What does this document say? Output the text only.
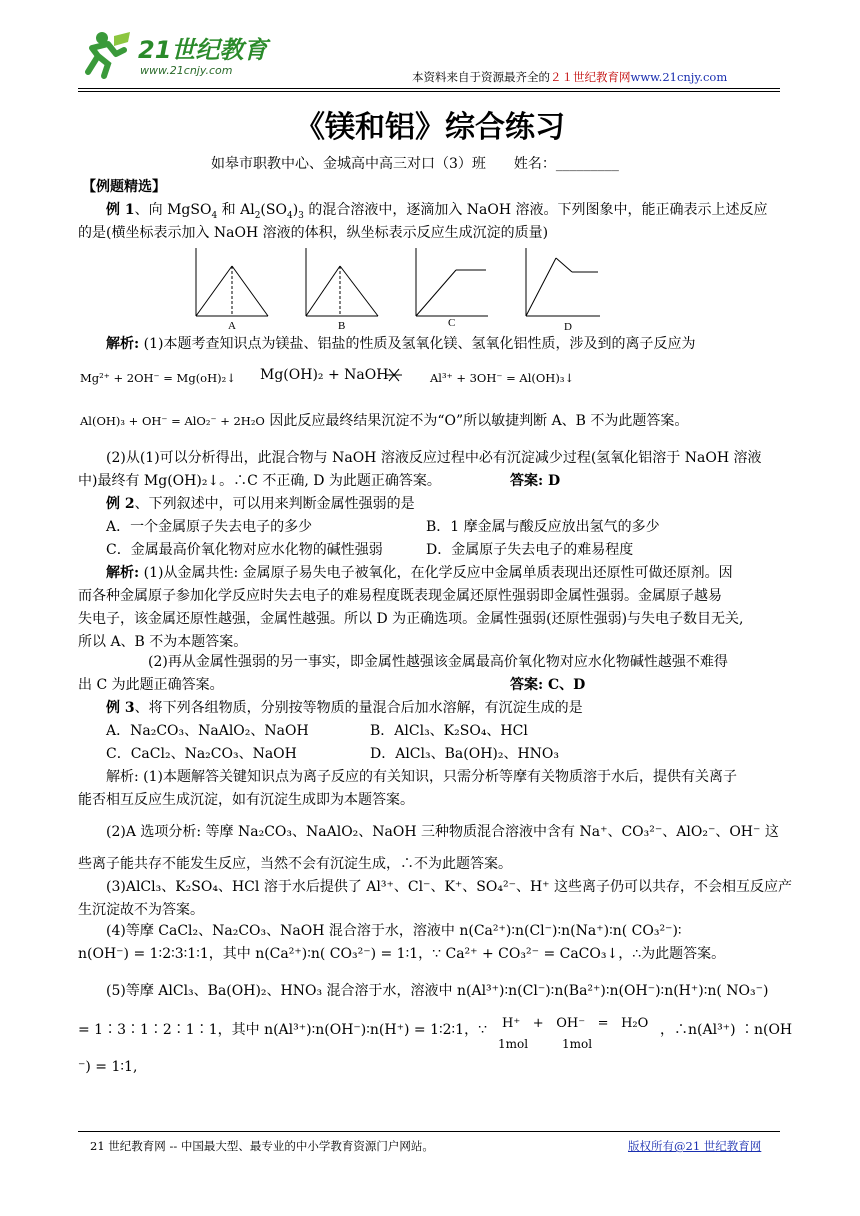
21世纪教育
www.21cnjy.com	本资料来自于资源最齐全的２１世纪教育网www.21cnjy.com
《镁和铝》综合练习
如皋市职教中心、金城高中高三对口（3）班　　姓名：_________
【例题精选】
例 1、向 MgSO$_4$ 和 $Al_2(SO_4)_3$ 的混合溶液中，逐滴加入 NaOH 溶液。下列图象中，能正确表示上述反应
的是(横坐标表示加入 NaOH 溶液的体积，纵坐标表示反应生成沉淀的质量)
A	B	C	D
解析: (1)本题考查知识点为镁盐、铝盐的性质及氢氧化镁、氢氧化铝性质，涉及到的离子反应为
Mg²⁺ + 2OH⁻ = Mg(oH)₂↓ Mg(OH)₂ + NaOH	Al³⁺ + 3OH⁻ = Al(OH)₃↓
Al(OH)₃ + OH⁻ = AlO₂⁻ + 2H₂O 因此反应最终结果沉淀不为“O”所以敏捷判断 A、B 不为此题答案。
(2)从(1)可以分析得出，此混合物与 NaOH 溶液反应过程中必有沉淀减少过程(氢氧化铝溶于 NaOH 溶液
中)最终有 Mg(OH)₂↓。∴C 不正确, D 为此题正确答案。	答案: D
例 2、下列叙述中，可以用来判断金属性强弱的是
A．一个金属原子失去电子的多少	B．1 摩金属与酸反应放出氢气的多少
C．金属最高价氧化物对应水化物的碱性强弱	D．金属原子失去电子的难易程度
解析: (1)从金属共性: 金属原子易失电子被氧化，在化学反应中金属单质表现出还原性可做还原剂。因
而各种金属原子参加化学反应时失去电子的难易程度既表现金属还原性强弱即金属性强弱。金属原子越易
失电子，该金属还原性越强，金属性越强。所以 D 为正确选项。金属性强弱(还原性强弱)与失电子数目无关,
所以 A、B 不为本题答案。
(2)再从金属性强弱的另一事实，即金属性越强该金属最高价氧化物对应水化物碱性越强不难得
出 C 为此题正确答案。	答案: C、D
例 3、将下列各组物质，分别按等物质的量混合后加水溶解，有沉淀生成的是
A．Na₂CO₃、NaAlO₂、NaOH	B．AlCl₃、K₂SO₄、HCl
C．CaCl₂、Na₂CO₃、NaOH	D．AlCl₃、Ba(OH)₂、HNO₃
解析: (1)本题解答关键知识点为离子反应的有关知识，只需分析等摩有关物质溶于水后，提供有关离子
能否相互反应生成沉淀，如有沉淀生成即为本题答案。
(2)A 选项分析: 等摩 Na₂CO₃、NaAlO₂、NaOH 三种物质混合溶液中含有 Na⁺、CO₃²⁻、AlO₂⁻、OH⁻ 这
些离子能共存不能发生反应，当然不会有沉淀生成，∴不为此题答案。
(3)AlCl₃、K₂SO₄、HCl 溶于水后提供了 Al³⁺、Cl⁻、K⁺、SO₄²⁻、H⁺ 这些离子仍可以共存，不会相互反应产
生沉淀故不为答案。
(4)等摩 CaCl₂、Na₂CO₃、NaOH 混合溶于水，溶液中 n(Ca²⁺)∶n(Cl⁻)∶n(Na⁺)∶n( CO₃²⁻)∶
n(OH⁻) = 1∶2∶3∶1∶1，其中 n(Ca²⁺)∶n( CO₃²⁻) = 1∶1，∵ Ca²⁺ + CO₃²⁻ = CaCO₃↓，∴为此题答案。
(5)等摩 AlCl₃、Ba(OH)₂、HNO₃ 混合溶于水，溶液中 n(Al³⁺)∶n(Cl⁻)∶n(Ba²⁺)∶n(OH⁻)∶n(H⁺)∶n( NO₃⁻)
= 1∶3∶1∶2∶1∶1，其中 n(Al³⁺)∶n(OH⁻)∶n(H⁺) = 1∶2∶1，∵ H⁺ + OH⁻ = H₂O
1mol	1mol
，∴n(Al³⁺) ∶n(OH
⁻) = 1∶1,
21 世纪教育网 -- 中国最大型、最专业的中小学教育资源门户网站。	版权所有@21 世纪教育网
